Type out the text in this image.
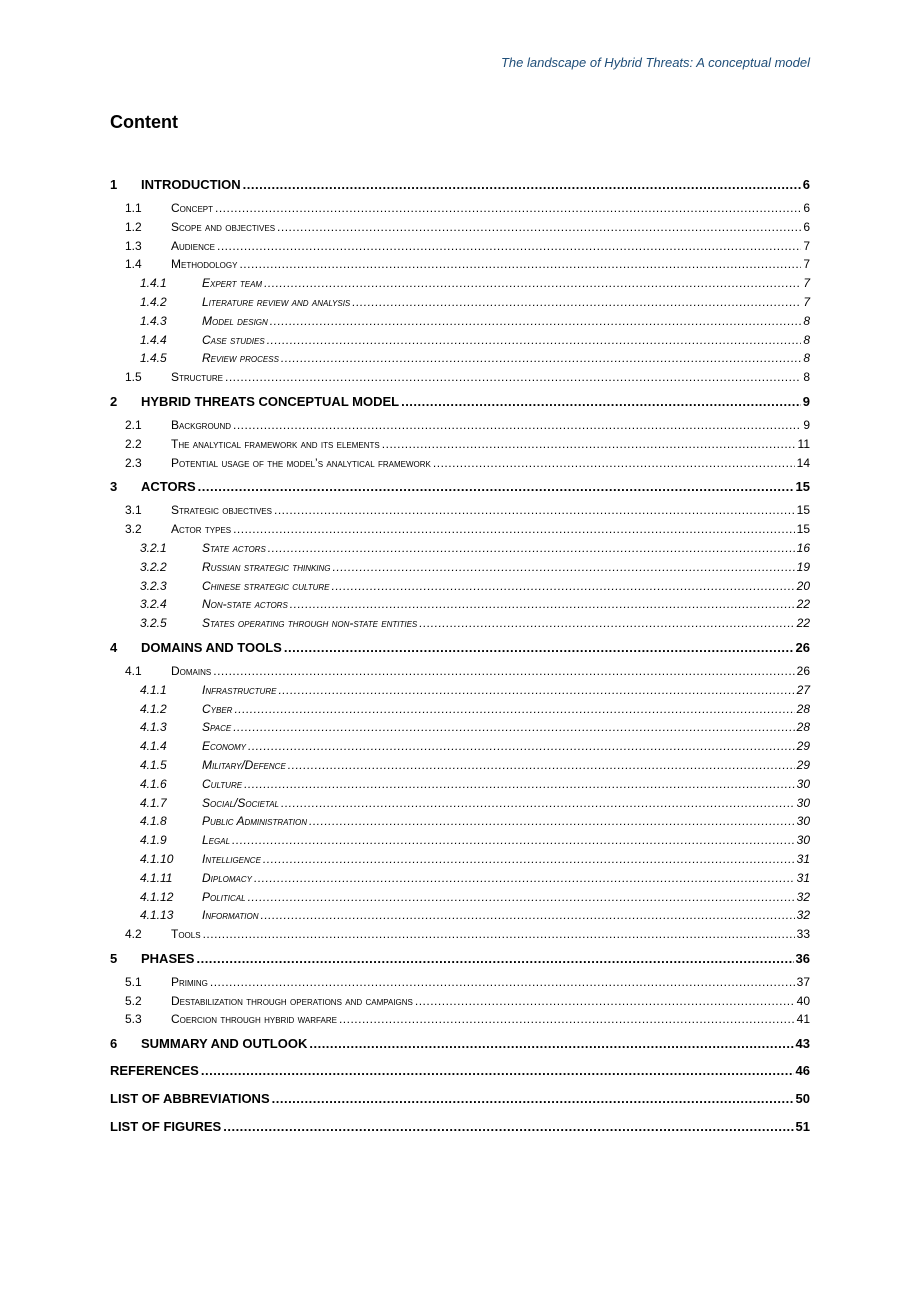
The landscape of Hybrid Threats: A conceptual model
Content
1	INTRODUCTION .....	6
1.1	Concept .....	6
1.2	Scope and objectives .....	6
1.3	Audience .....	7
1.4	Methodology .....	7
1.4.1	Expert team .....	7
1.4.2	Literature review and analysis .....	7
1.4.3	Model design .....	8
1.4.4	Case studies .....	8
1.4.5	Review process .....	8
1.5	Structure .....	8
2	HYBRID THREATS CONCEPTUAL MODEL .....	9
2.1	Background .....	9
2.2	The analytical framework and its elements .....	11
2.3	Potential usage of the model’s analytical framework .....	14
3	ACTORS .....	15
3.1	Strategic objectives .....	15
3.2	Actor types .....	15
3.2.1	State actors .....	16
3.2.2	Russian strategic thinking .....	19
3.2.3	Chinese strategic culture .....	20
3.2.4	Non-state actors .....	22
3.2.5	States operating through non-state entities .....	22
4	DOMAINS AND TOOLS .....	26
4.1	Domains .....	26
4.1.1	Infrastructure .....	27
4.1.2	Cyber .....	28
4.1.3	Space .....	28
4.1.4	Economy .....	29
4.1.5	Military/Defence .....	29
4.1.6	Culture .....	30
4.1.7	Social/Societal .....	30
4.1.8	Public Administration .....	30
4.1.9	Legal .....	30
4.1.10	Intelligence .....	31
4.1.11	Diplomacy .....	31
4.1.12	Political .....	32
4.1.13	Information .....	32
4.2	Tools .....	33
5	PHASES .....	36
5.1	Priming .....	37
5.2	Destabilization through operations and campaigns .....	40
5.3	Coercion through hybrid warfare .....	41
6	SUMMARY AND OUTLOOK .....	43
REFERENCES .....	46
LIST OF ABBREVIATIONS .....	50
LIST OF FIGURES .....	51
